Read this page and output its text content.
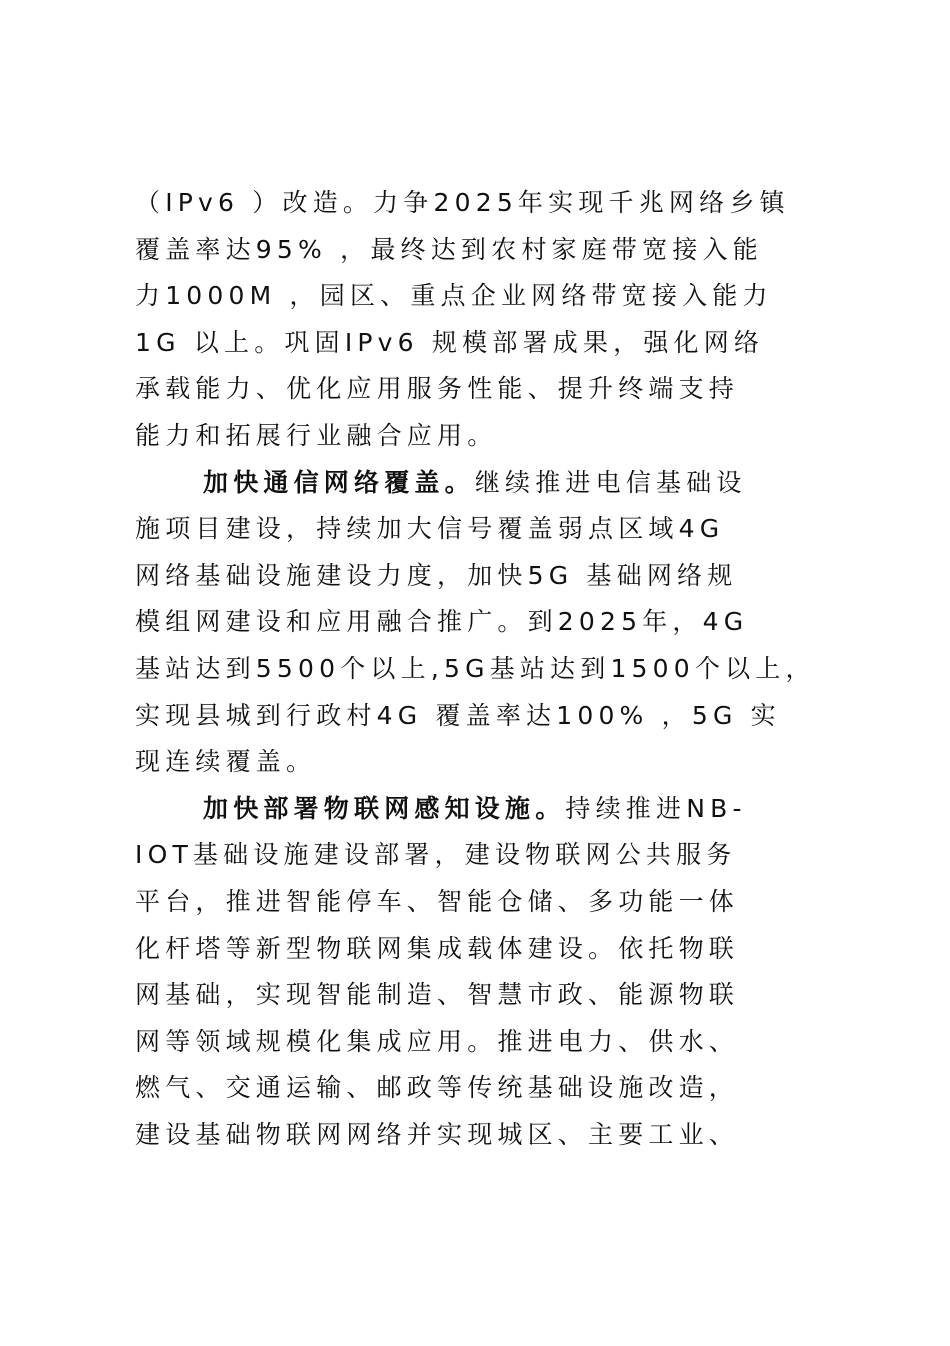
（IPv6 ）改造。力争2025年实现千兆网络乡镇
覆盖率达95% ，最终达到农村家庭带宽接入能
力1000M ，园区、重点企业网络带宽接入能力
1G 以上。巩固IPv6 规模部署成果，强化网络
承载能力、优化应用服务性能、提升终端支持
能力和拓展行业融合应用。
加快通信网络覆盖。继续推进电信基础设
施项目建设，持续加大信号覆盖弱点区域4G
网络基础设施建设力度，加快5G 基础网络规
模组网建设和应用融合推广。到2025年，4G
基站达到5500个以上,5G基站达到1500个以上，
实现县城到行政村4G 覆盖率达100% ，5G 实
现连续覆盖。
加快部署物联网感知设施。持续推进NB-
IOT基础设施建设部署，建设物联网公共服务
平台，推进智能停车、智能仓储、多功能一体
化杆塔等新型物联网集成载体建设。依托物联
网基础，实现智能制造、智慧市政、能源物联
网等领域规模化集成应用。推进电力、供水、
燃气、交通运输、邮政等传统基础设施改造，
建设基础物联网网络并实现城区、主要工业、
